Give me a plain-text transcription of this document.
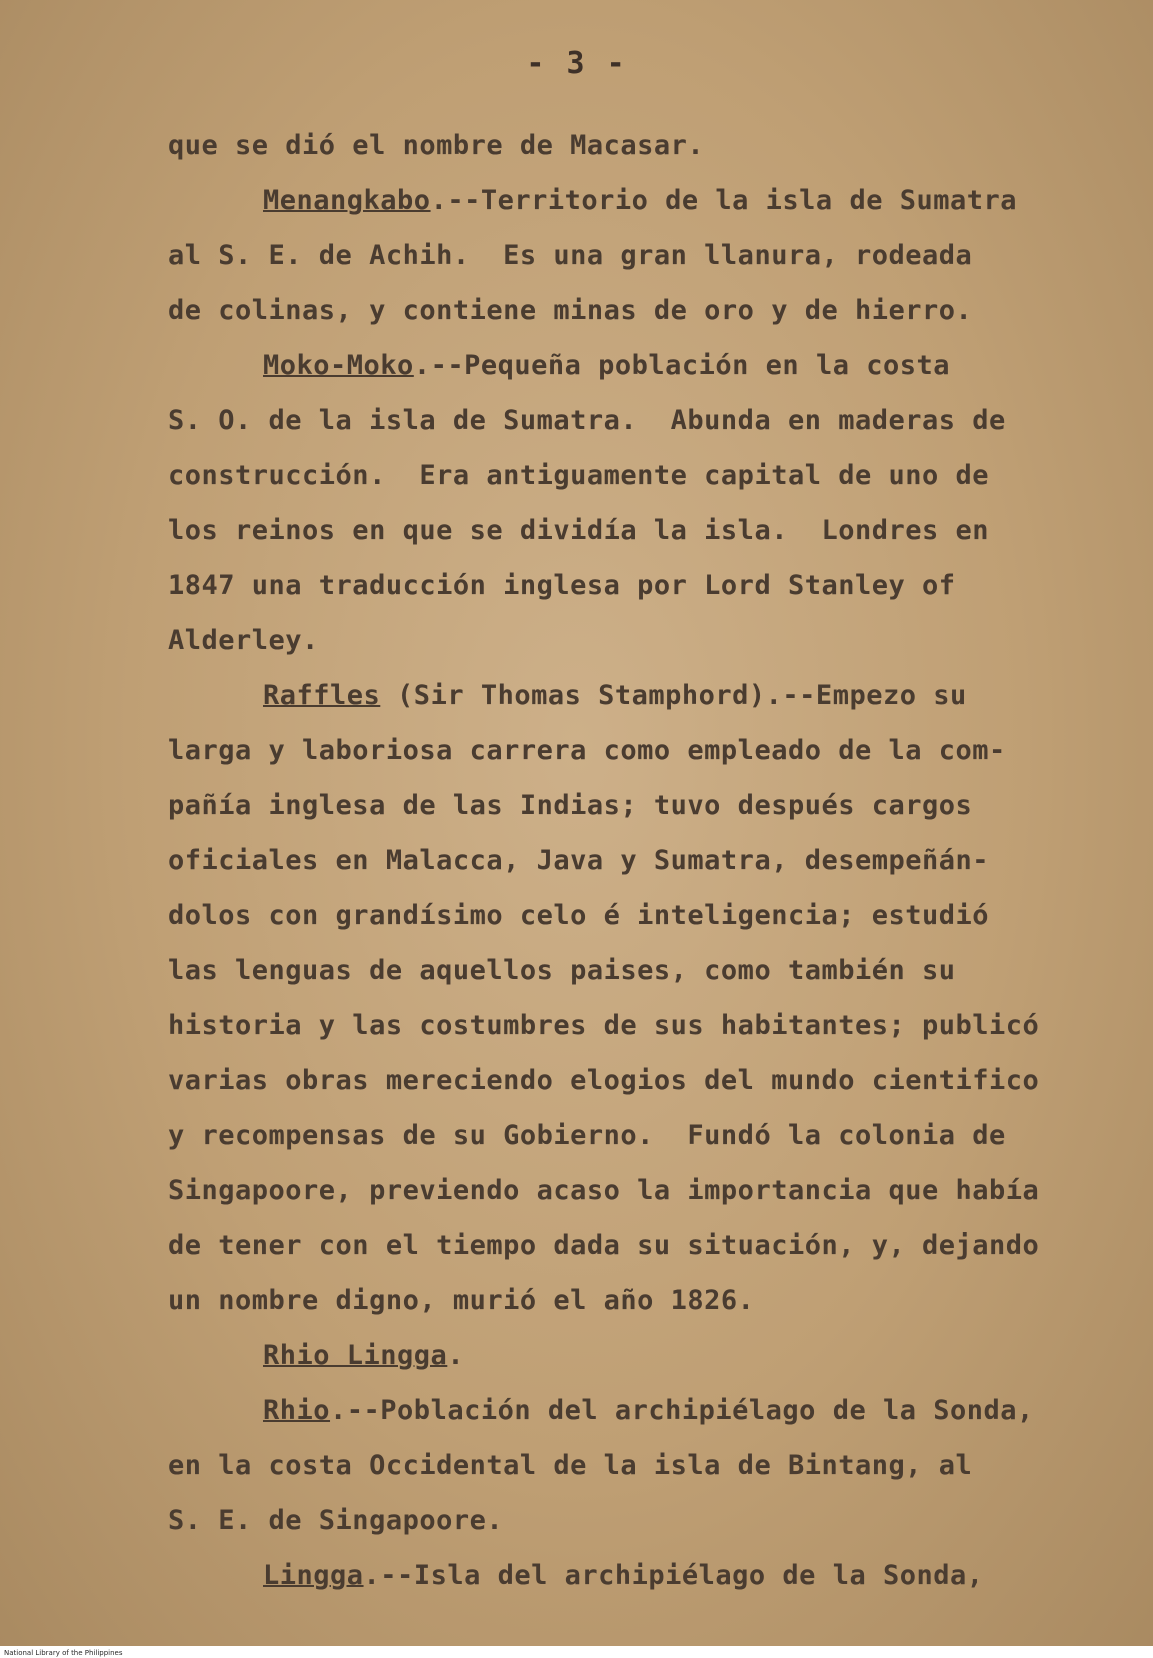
- 3 -
que se dió el nombre de Macasar.
Menangkabo.--Territorio de la isla de Sumatra
al S. E. de Achih.  Es una gran llanura, rodeada
de colinas, y contiene minas de oro y de hierro.
Moko-Moko.--Pequeña población en la costa
S. O. de la isla de Sumatra.  Abunda en maderas de
construcción.  Era antiguamente capital de uno de
los reinos en que se dividía la isla.  Londres en
1847 una traducción inglesa por Lord Stanley of
Alderley.
Raffles (Sir Thomas Stamphord).--Empezo su
larga y laboriosa carrera como empleado de la com-
pañía inglesa de las Indias; tuvo después cargos
oficiales en Malacca, Java y Sumatra, desempeñán-
dolos con grandísimo celo é inteligencia; estudió
las lenguas de aquellos paises, como también su
historia y las costumbres de sus habitantes; publicó
varias obras mereciendo elogios del mundo cientifico
y recompensas de su Gobierno.  Fundó la colonia de
Singapoore, previendo acaso la importancia que había
de tener con el tiempo dada su situación, y, dejando
un nombre digno, murió el año 1826.
Rhio Lingga.
Rhio.--Población del archipiélago de la Sonda,
en la costa Occidental de la isla de Bintang, al
S. E. de Singapoore.
Lingga.--Isla del archipiélago de la Sonda,
National Library of the Philippines
